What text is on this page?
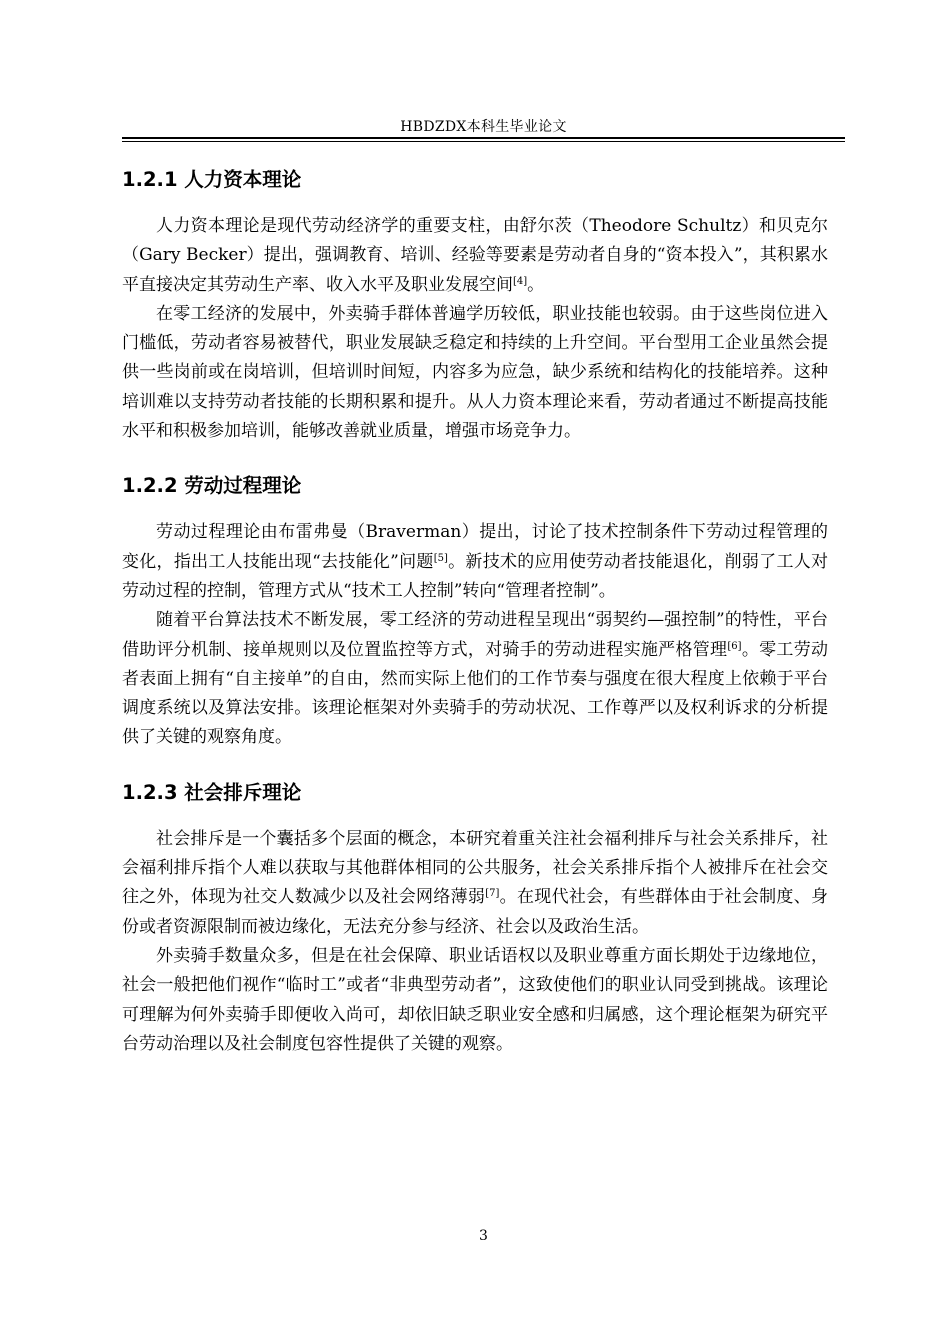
HBDZDX本科生毕业论文
1.2.1 人力资本理论

人力资本理论是现代劳动经济学的重要支柱，由舒尔茨（Theodore Schultz）和贝克尔（Gary Becker）提出，强调教育、培训、经验等要素是劳动者自身的“资本投入”，其积累水平直接决定其劳动生产率、收入水平及职业发展空间[4]。

在零工经济的发展中，外卖骑手群体普遍学历较低，职业技能也较弱。由于这些岗位进入门槛低，劳动者容易被替代，职业发展缺乏稳定和持续的上升空间。平台型用工企业虽然会提供一些岗前或在岗培训，但培训时间短，内容多为应急，缺少系统和结构化的技能培养。这种培训难以支持劳动者技能的长期积累和提升。从人力资本理论来看，劳动者通过不断提高技能水平和积极参加培训，能够改善就业质量，增强市场竞争力。

1.2.2 劳动过程理论

劳动过程理论由布雷弗曼（Braverman）提出，讨论了技术控制条件下劳动过程管理的变化，指出工人技能出现“去技能化”问题[5]。新技术的应用使劳动者技能退化，削弱了工人对劳动过程的控制，管理方式从“技术工人控制”转向“管理者控制”。

随着平台算法技术不断发展，零工经济的劳动进程呈现出“弱契约—强控制”的特性，平台借助评分机制、接单规则以及位置监控等方式，对骑手的劳动进程实施严格管理[6]。零工劳动者表面上拥有“自主接单”的自由，然而实际上他们的工作节奏与强度在很大程度上依赖于平台调度系统以及算法安排。该理论框架对外卖骑手的劳动状况、工作尊严以及权利诉求的分析提供了关键的观察角度。

1.2.3 社会排斥理论

社会排斥是一个囊括多个层面的概念，本研究着重关注社会福利排斥与社会关系排斥，社会福利排斥指个人难以获取与其他群体相同的公共服务，社会关系排斥指个人被排斥在社会交往之外，体现为社交人数减少以及社会网络薄弱[7]。在现代社会，有些群体由于社会制度、身份或者资源限制而被边缘化，无法充分参与经济、社会以及政治生活。

外卖骑手数量众多，但是在社会保障、职业话语权以及职业尊重方面长期处于边缘地位，社会一般把他们视作“临时工”或者“非典型劳动者”，这致使他们的职业认同受到挑战。该理论可理解为何外卖骑手即便收入尚可，却依旧缺乏职业安全感和归属感，这个理论框架为研究平台劳动治理以及社会制度包容性提供了关键的观察。

3
